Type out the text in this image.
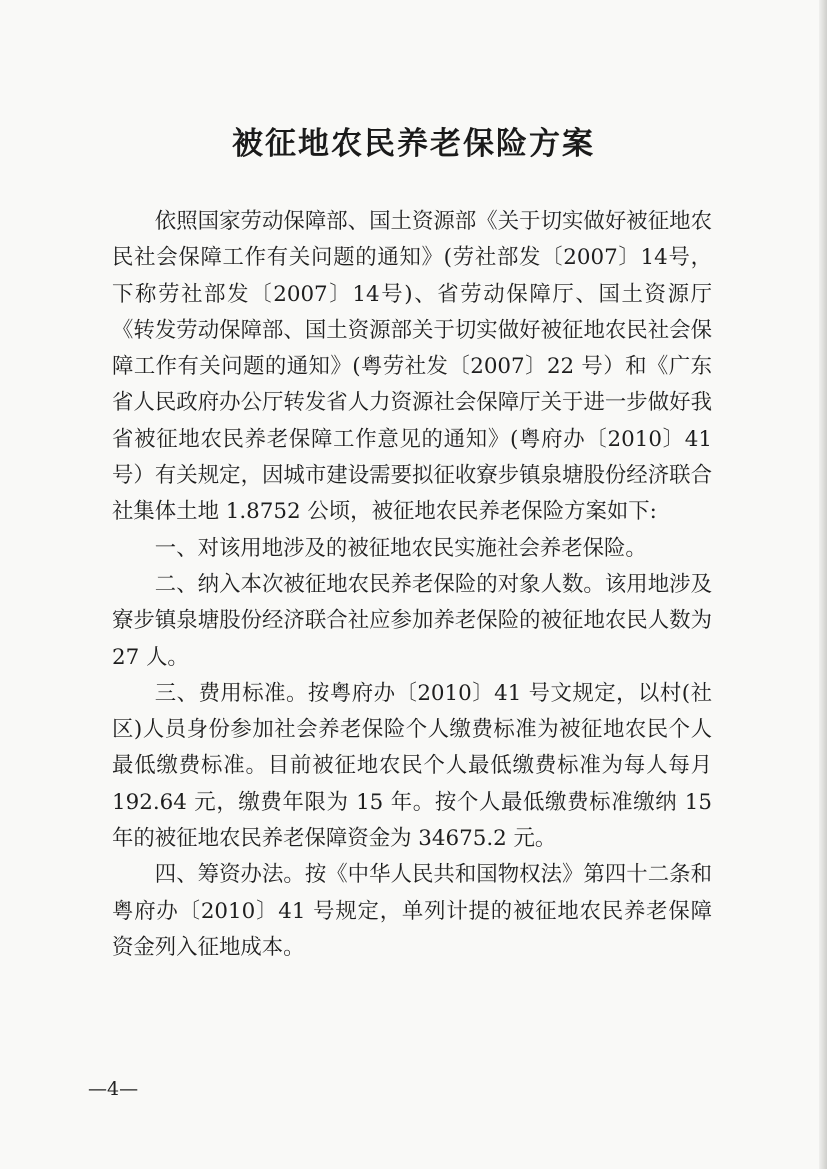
被征地农民养老保险方案

依照国家劳动保障部、国土资源部《关于切实做好被征地农民社会保障工作有关问题的通知》(劳社部发〔2007〕14号，下称劳社部发〔2007〕14号)、省劳动保障厅、国土资源厅《转发劳动保障部、国土资源部关于切实做好被征地农民社会保障工作有关问题的通知》(粤劳社发〔2007〕22 号）和《广东省人民政府办公厅转发省人力资源社会保障厅关于进一步做好我省被征地农民养老保障工作意见的通知》(粤府办〔2010〕41号）有关规定，因城市建设需要拟征收寮步镇泉塘股份经济联合社集体土地 1.8752 公顷，被征地农民养老保险方案如下:

一、对该用地涉及的被征地农民实施社会养老保险。

二、纳入本次被征地农民养老保险的对象人数。该用地涉及寮步镇泉塘股份经济联合社应参加养老保险的被征地农民人数为 27 人。

三、费用标准。按粤府办〔2010〕41 号文规定，以村(社区)人员身份参加社会养老保险个人缴费标准为被征地农民个人最低缴费标准。目前被征地农民个人最低缴费标准为每人每月 192.64 元，缴费年限为 15 年。按个人最低缴费标准缴纳 15年的被征地农民养老保障资金为 34675.2 元。

四、筹资办法。按《中华人民共和国物权法》第四十二条和粤府办〔2010〕41 号规定，单列计提的被征地农民养老保障资金列入征地成本。

—4—
